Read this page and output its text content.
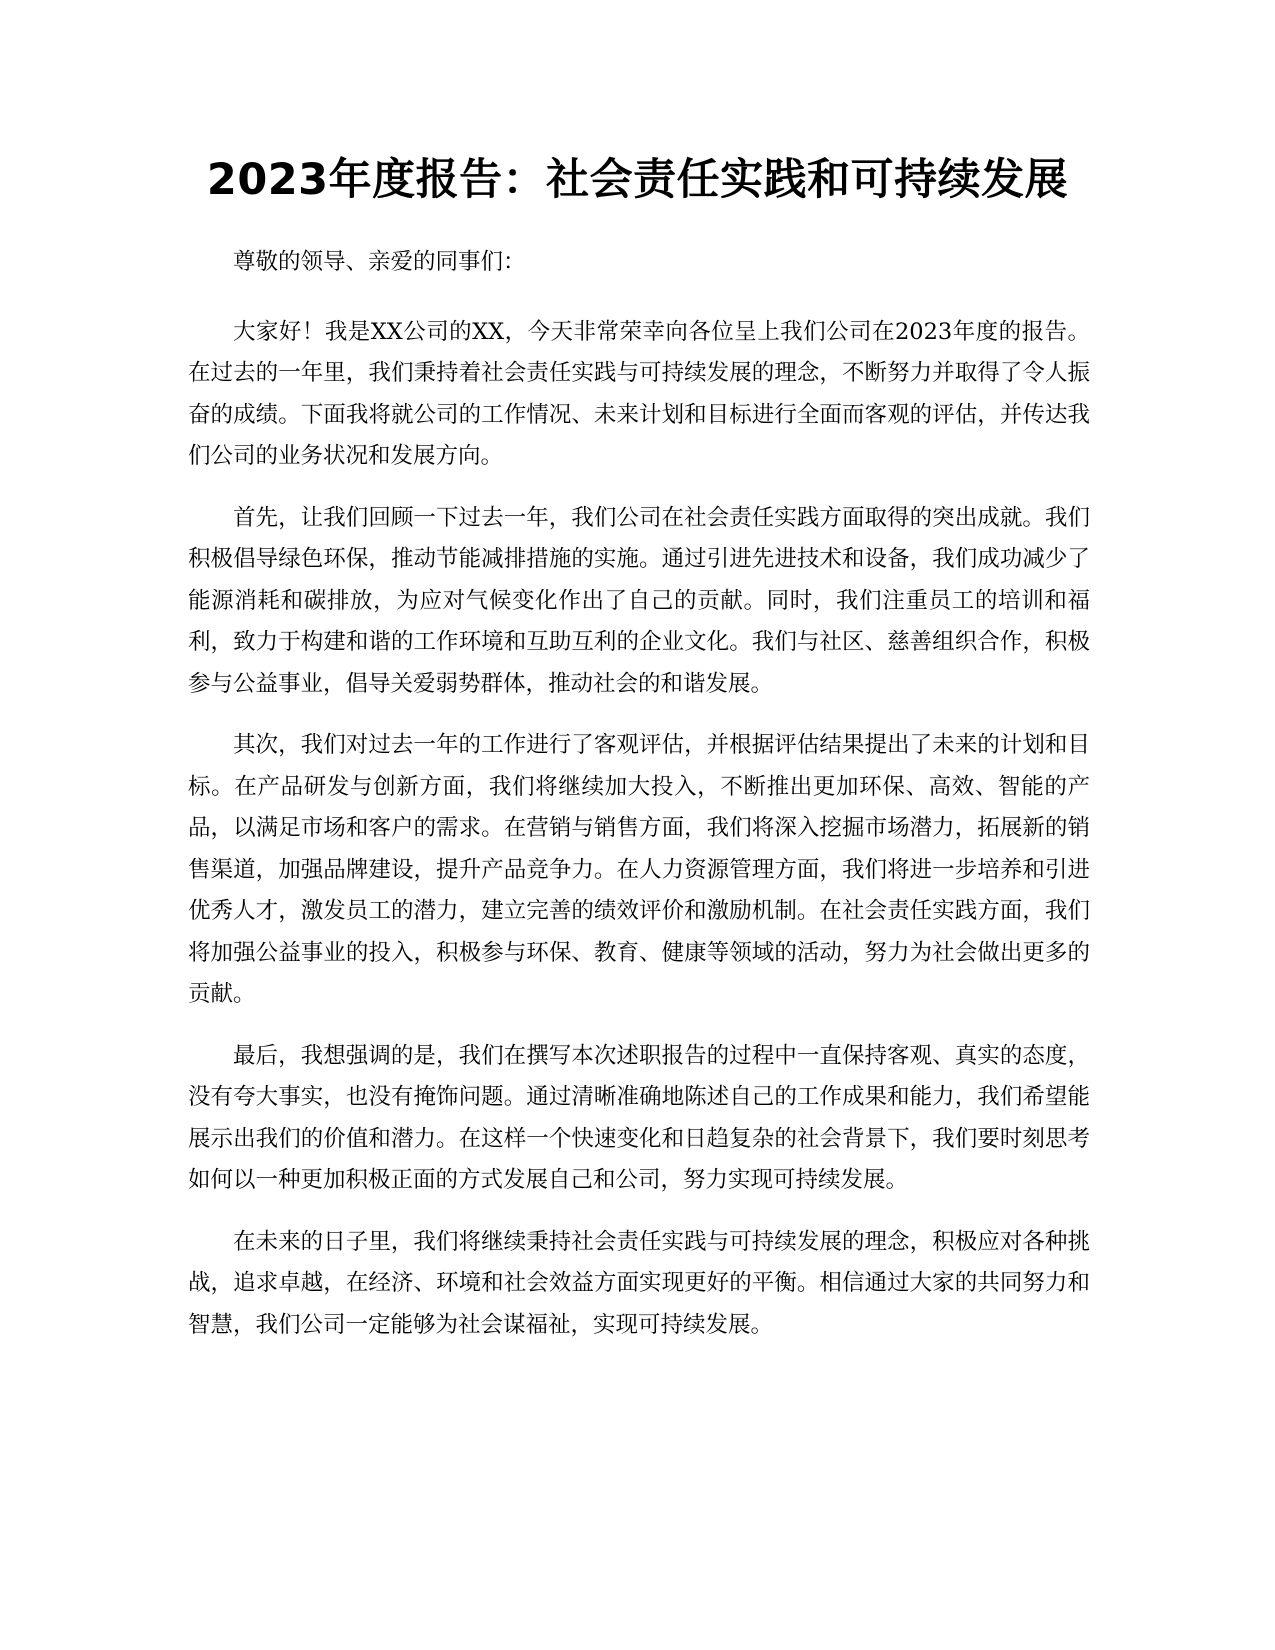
2023年度报告：社会责任实践和可持续发展

尊敬的领导、亲爱的同事们：

大家好！我是XX公司的XX，今天非常荣幸向各位呈上我们公司在2023年度的报告。在过去的一年里，我们秉持着社会责任实践与可持续发展的理念，不断努力并取得了令人振奋的成绩。下面我将就公司的工作情况、未来计划和目标进行全面而客观的评估，并传达我们公司的业务状况和发展方向。

首先，让我们回顾一下过去一年，我们公司在社会责任实践方面取得的突出成就。我们积极倡导绿色环保，推动节能减排措施的实施。通过引进先进技术和设备，我们成功减少了能源消耗和碳排放，为应对气候变化作出了自己的贡献。同时，我们注重员工的培训和福利，致力于构建和谐的工作环境和互助互利的企业文化。我们与社区、慈善组织合作，积极参与公益事业，倡导关爱弱势群体，推动社会的和谐发展。

其次，我们对过去一年的工作进行了客观评估，并根据评估结果提出了未来的计划和目标。在产品研发与创新方面，我们将继续加大投入，不断推出更加环保、高效、智能的产品，以满足市场和客户的需求。在营销与销售方面，我们将深入挖掘市场潜力，拓展新的销售渠道，加强品牌建设，提升产品竞争力。在人力资源管理方面，我们将进一步培养和引进优秀人才，激发员工的潜力，建立完善的绩效评价和激励机制。在社会责任实践方面，我们将加强公益事业的投入，积极参与环保、教育、健康等领域的活动，努力为社会做出更多的贡献。

最后，我想强调的是，我们在撰写本次述职报告的过程中一直保持客观、真实的态度，没有夸大事实，也没有掩饰问题。通过清晰准确地陈述自己的工作成果和能力，我们希望能展示出我们的价值和潜力。在这样一个快速变化和日趋复杂的社会背景下，我们要时刻思考如何以一种更加积极正面的方式发展自己和公司，努力实现可持续发展。

在未来的日子里，我们将继续秉持社会责任实践与可持续发展的理念，积极应对各种挑战，追求卓越，在经济、环境和社会效益方面实现更好的平衡。相信通过大家的共同努力和智慧，我们公司一定能够为社会谋福祉，实现可持续发展。
